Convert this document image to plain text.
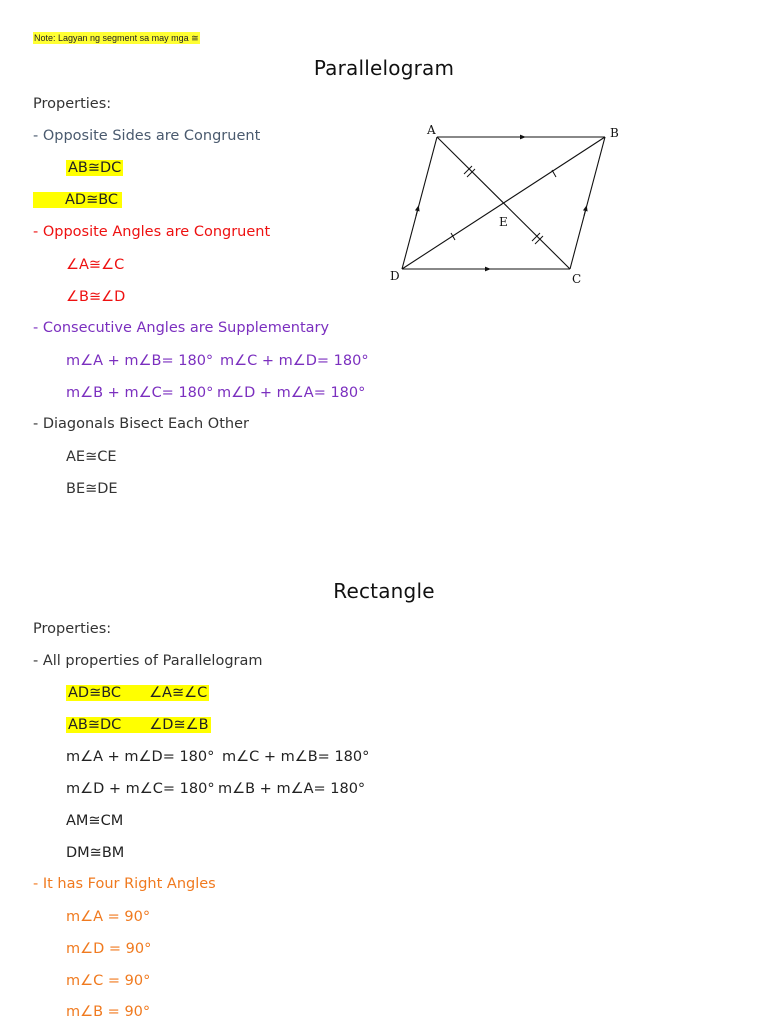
Note: Lagyan ng segment sa may mga ≅
Parallelogram
Properties:
- Opposite Sides are Congruent
AB≅DC
AD≅BC
- Opposite Angles are Congruent
∠A≅∠C
∠B≅∠D
- Consecutive Angles are Supplementary
m∠A + m∠B= 180° m∠C + m∠D= 180°
m∠B + m∠C= 180° m∠D + m∠A= 180°
- Diagonals Bisect Each Other
AE≅CE
BE≅DE
A	B
C
D
E
Rectangle
Properties:
- All properties of Parallelogram
AD≅BC ∠A≅∠C
AB≅DC ∠D≅∠B
m∠A + m∠D= 180° m∠C + m∠B= 180°
m∠D + m∠C= 180° m∠B + m∠A= 180°
AM≅CM
DM≅BM
- It has Four Right Angles
m∠A = 90°
m∠D = 90°
m∠C = 90°
m∠B = 90°
